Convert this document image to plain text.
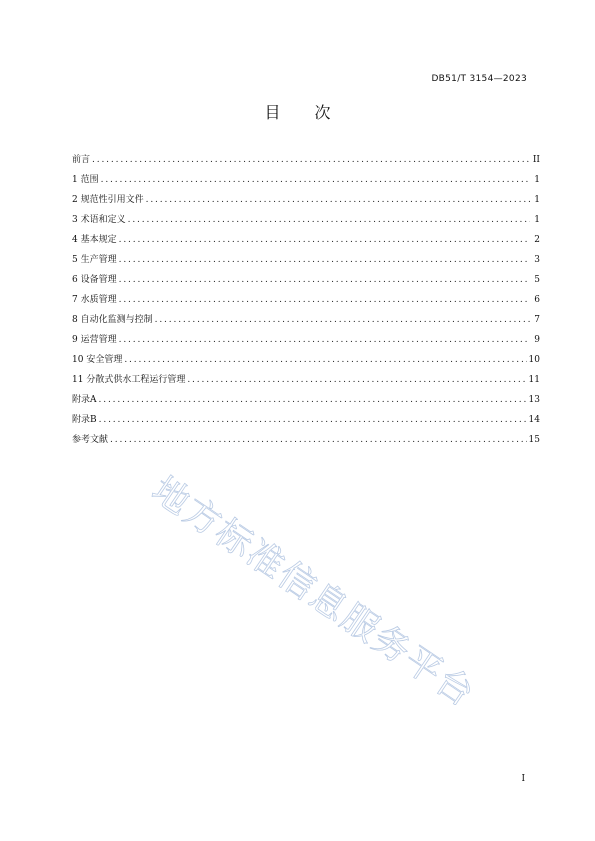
DB51/T 3154—2023
目次
前言 . . .	II
1 范围 . . .	1
2 规范性引用文件 . . .	1
3 术语和定义 . . .	1
4 基本规定 . . .	2
5 生产管理 . . .	3
6 设备管理 . . .	5
7 水质管理 . . .	6
8 自动化监测与控制 . . .	7
9 运营管理 . . .	9
10 安全管理 . . .	10
11 分散式供水工程运行管理 . . .	11
附录A . . .	13
附录B . . .	14
参考文献 . . .	15
地方标准信息服务平台
I
